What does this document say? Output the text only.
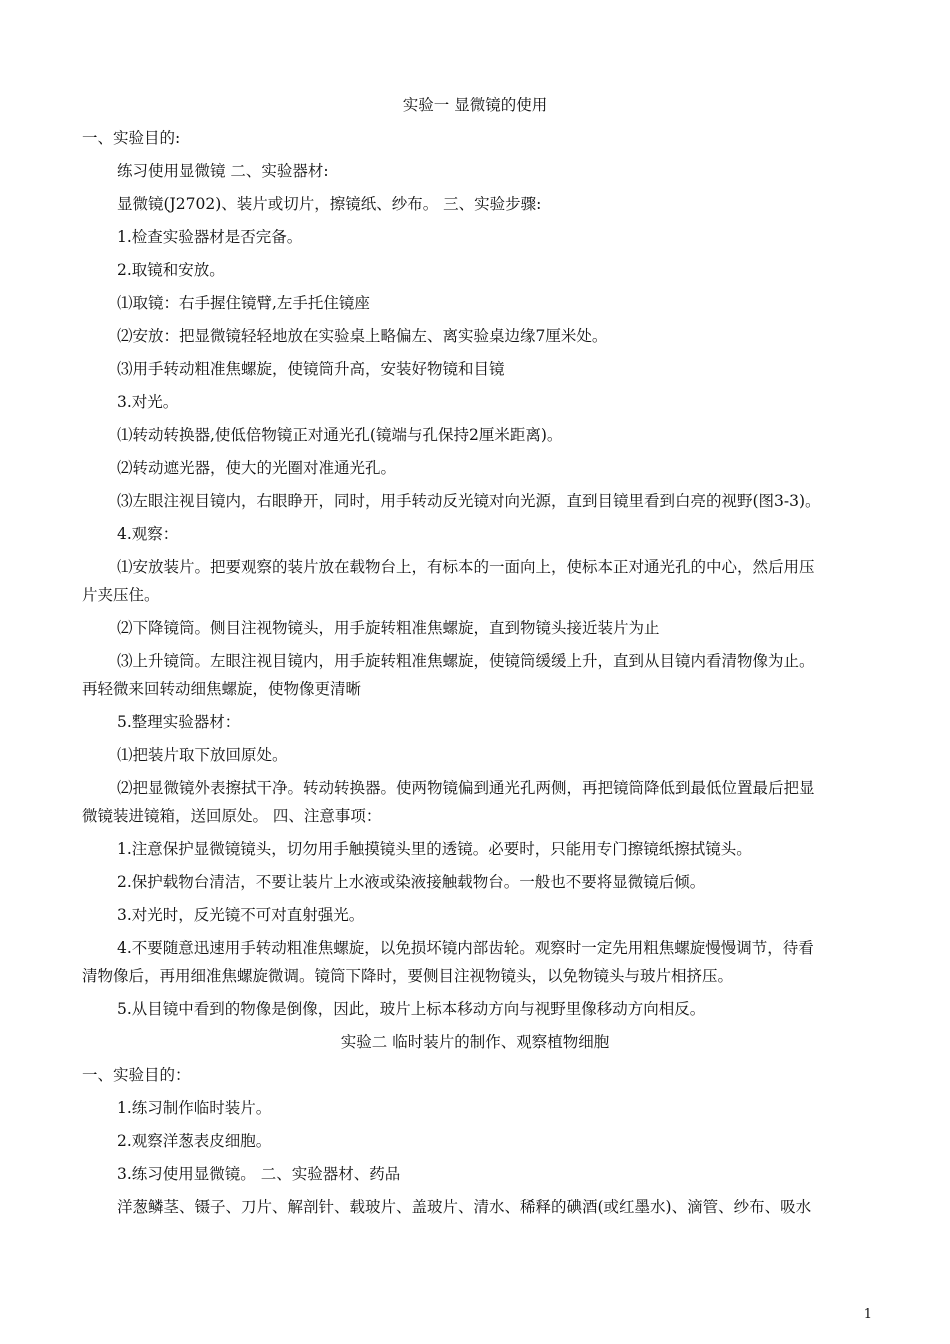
实验一 显微镜的使用
一、实验目的:
练习使用显微镜 二、实验器材:
显微镜(J2702)、装片或切片，擦镜纸、纱布。 三、实验步骤:
1.检查实验器材是否完备。
2.取镜和安放。
⑴取镜：右手握住镜臂,左手托住镜座
⑵安放：把显微镜轻轻地放在实验桌上略偏左、离实验桌边缘7厘米处。
⑶用手转动粗准焦螺旋，使镜筒升高，安装好物镜和目镜
3.对光。
⑴转动转换器,使低倍物镜正对通光孔(镜端与孔保持2厘米距离)。
⑵转动遮光器，使大的光圈对准通光孔。
⑶左眼注视目镜内，右眼睁开，同时，用手转动反光镜对向光源，直到目镜里看到白亮的视野(图3-3)。
4.观察：
⑴安放装片。把要观察的装片放在载物台上，有标本的一面向上，使标本正对通光孔的中心，然后用压
片夹压住。
⑵下降镜筒。侧目注视物镜头，用手旋转粗准焦螺旋，直到物镜头接近装片为止
⑶上升镜筒。左眼注视目镜内，用手旋转粗准焦螺旋，使镜筒缓缓上升，直到从目镜内看清物像为止。
再轻微来回转动细焦螺旋，使物像更清晰
5.整理实验器材：
⑴把装片取下放回原处。
⑵把显微镜外表擦拭干净。转动转换器。使两物镜偏到通光孔两侧，再把镜筒降低到最低位置最后把显
微镜装进镜箱，送回原处。 四、注意事项：
1.注意保护显微镜镜头，切勿用手触摸镜头里的透镜。必要时，只能用专门擦镜纸擦拭镜头。
2.保护载物台清洁，不要让装片上水液或染液接触载物台。一般也不要将显微镜后倾。
3.对光时，反光镜不可对直射强光。
4.不要随意迅速用手转动粗准焦螺旋，以免损坏镜内部齿轮。观察时一定先用粗焦螺旋慢慢调节，待看
清物像后，再用细准焦螺旋微调。镜筒下降时，要侧目注视物镜头，以免物镜头与玻片相挤压。
5.从目镜中看到的物像是倒像，因此，玻片上标本移动方向与视野里像移动方向相反。
实验二 临时装片的制作、观察植物细胞
一、实验目的：
1.练习制作临时装片。
2.观察洋葱表皮细胞。
3.练习使用显微镜。 二、实验器材、药品
洋葱鳞茎、镊子、刀片、解剖针、载玻片、盖玻片、清水、稀释的碘酒(或红墨水)、滴管、纱布、吸水
1
